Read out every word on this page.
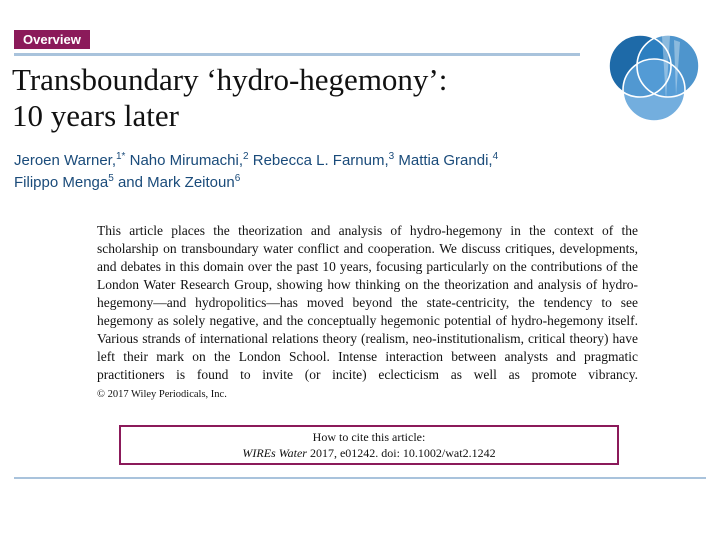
Overview
Transboundary ‘hydro-hegemony’:
10 years later
Jeroen Warner,$^{1*}$ Naho Mirumachi,$^2$ Rebecca L. Farnum,$^3$ Mattia Grandi,$^4$
Filippo Menga$^5$ and Mark Zeitoun$^6$

This article places the theorization and analysis of hydro-hegemony in the context of the scholarship on transboundary water conflict and cooperation. We discuss critiques, developments, and debates in this domain over the past 10 years, focusing particularly on the contributions of the London Water Research Group, showing how thinking on the theorization and analysis of hydro-hegemony—and hydropolitics—has moved beyond the state-centricity, the tendency to see hegemony as solely negative, and the conceptually hegemonic potential of hydro-hegemony itself. Various strands of international relations theory (realism, neo-institutionalism, critical theory) have left their mark on the London School. Intense interaction between analysts and pragmatic practitioners is found to invite (or incite) eclecticism as well as promote vibrancy. © 2017 Wiley Periodicals, Inc.

How to cite this article:
WIREs Water 2017, e01242. doi: 10.1002/wat2.1242
